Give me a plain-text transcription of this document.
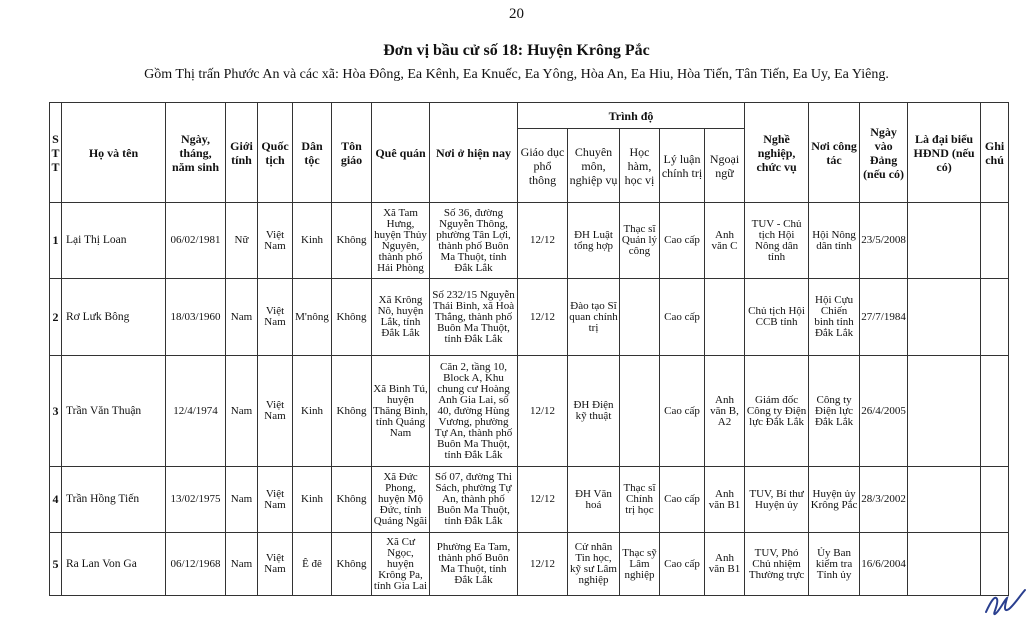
20
Đơn vị bầu cử số 18: Huyện Krông Pắc
Gồm Thị trấn Phước An và các xã: Hòa Đông, Ea Kênh, Ea Knuếc, Ea Yông, Hòa An, Ea Hiu, Hòa Tiến, Tân Tiến, Ea Uy, Ea Yiêng.
S
T
T	Họ và tên	Ngày, tháng, năm sinh	Giới tính	Quốc tịch	Dân tộc	Tôn giáo	Quê quán	Nơi ở hiện nay	Trình độ					Nghề nghiệp, chức vụ	Nơi công tác	Ngày vào Đảng (nếu có)	Là đại biểu HĐND (nếu có)	Ghi chú
									Giáo dục phổ thông	Chuyên môn, nghiệp vụ	Học hàm, học vị	Lý luận chính trị	Ngoại ngữ					
1	Lại Thị Loan	06/02/1981	Nữ	Việt Nam	Kinh	Không	Xã Tam Hưng, huyện Thủy Nguyên, thành phố Hải Phòng	Số 36, đường Nguyễn Thông, phường Tân Lợi, thành phố Buôn Ma Thuột, tỉnh Đắk Lắk	12/12	ĐH Luật tổng hợp	Thạc sĩ Quản lý công	Cao cấp	Anh văn C	TUV - Chủ tịch Hội Nông dân tỉnh	Hội Nông dân tỉnh	23/5/2008		
2	Rơ Lưk Bông	18/03/1960	Nam	Việt Nam	M'nông	Không	Xã Krông Nô, huyện Lắk, tỉnh Đắk Lắk	Số 232/15 Nguyễn Thái Bình, xã Hoà Thắng, thành phố Buôn Ma Thuột, tỉnh Đắk Lắk	12/12	Đào tạo Sĩ quan chính trị		Cao cấp		Chủ tịch Hội CCB tỉnh	Hội Cựu Chiến binh tỉnh Đắk Lắk	27/7/1984		
3	Trần Văn Thuận	12/4/1974	Nam	Việt Nam	Kinh	Không	Xã Bình Tú, huyện Thăng Bình, tỉnh Quảng Nam	Căn 2, tầng 10, Block A, Khu chung cư Hoàng Anh Gia Lai, số 40, đường Hùng Vương, phường Tự An, thành phố Buôn Ma Thuột, tỉnh Đắk Lắk	12/12	ĐH Điện kỹ thuật		Cao cấp	Anh văn B, A2	Giám đốc Công ty Điện lực Đắk Lắk	Công ty Điện lực Đắk Lắk	26/4/2005		
4	Trần Hồng Tiến	13/02/1975	Nam	Việt Nam	Kinh	Không	Xã Đức Phong, huyện Mộ Đức, tỉnh Quảng Ngãi	Số 07, đường Thi Sách, phường Tự An, thành phố Buôn Ma Thuột, tỉnh Đắk Lắk	12/12	ĐH Văn hoá	Thạc sĩ Chính trị học	Cao cấp	Anh văn B1	TUV, Bí thư Huyện ủy	Huyện ủy Krông Pắc	28/3/2002		
5	Ra Lan Von Ga	06/12/1968	Nam	Việt Nam	Ê đê	Không	Xã Cư Ngọc, huyện Krông Pa, tỉnh Gia Lai	Phường Ea Tam, thành phố Buôn Ma Thuột, tỉnh Đắk Lắk	12/12	Cử nhân Tin học, kỹ sư Lâm nghiệp	Thạc sỹ Lâm nghiệp	Cao cấp	Anh văn B1	TUV, Phó Chủ nhiệm Thường trực	Ủy Ban kiểm tra Tỉnh ủy	16/6/2004		
